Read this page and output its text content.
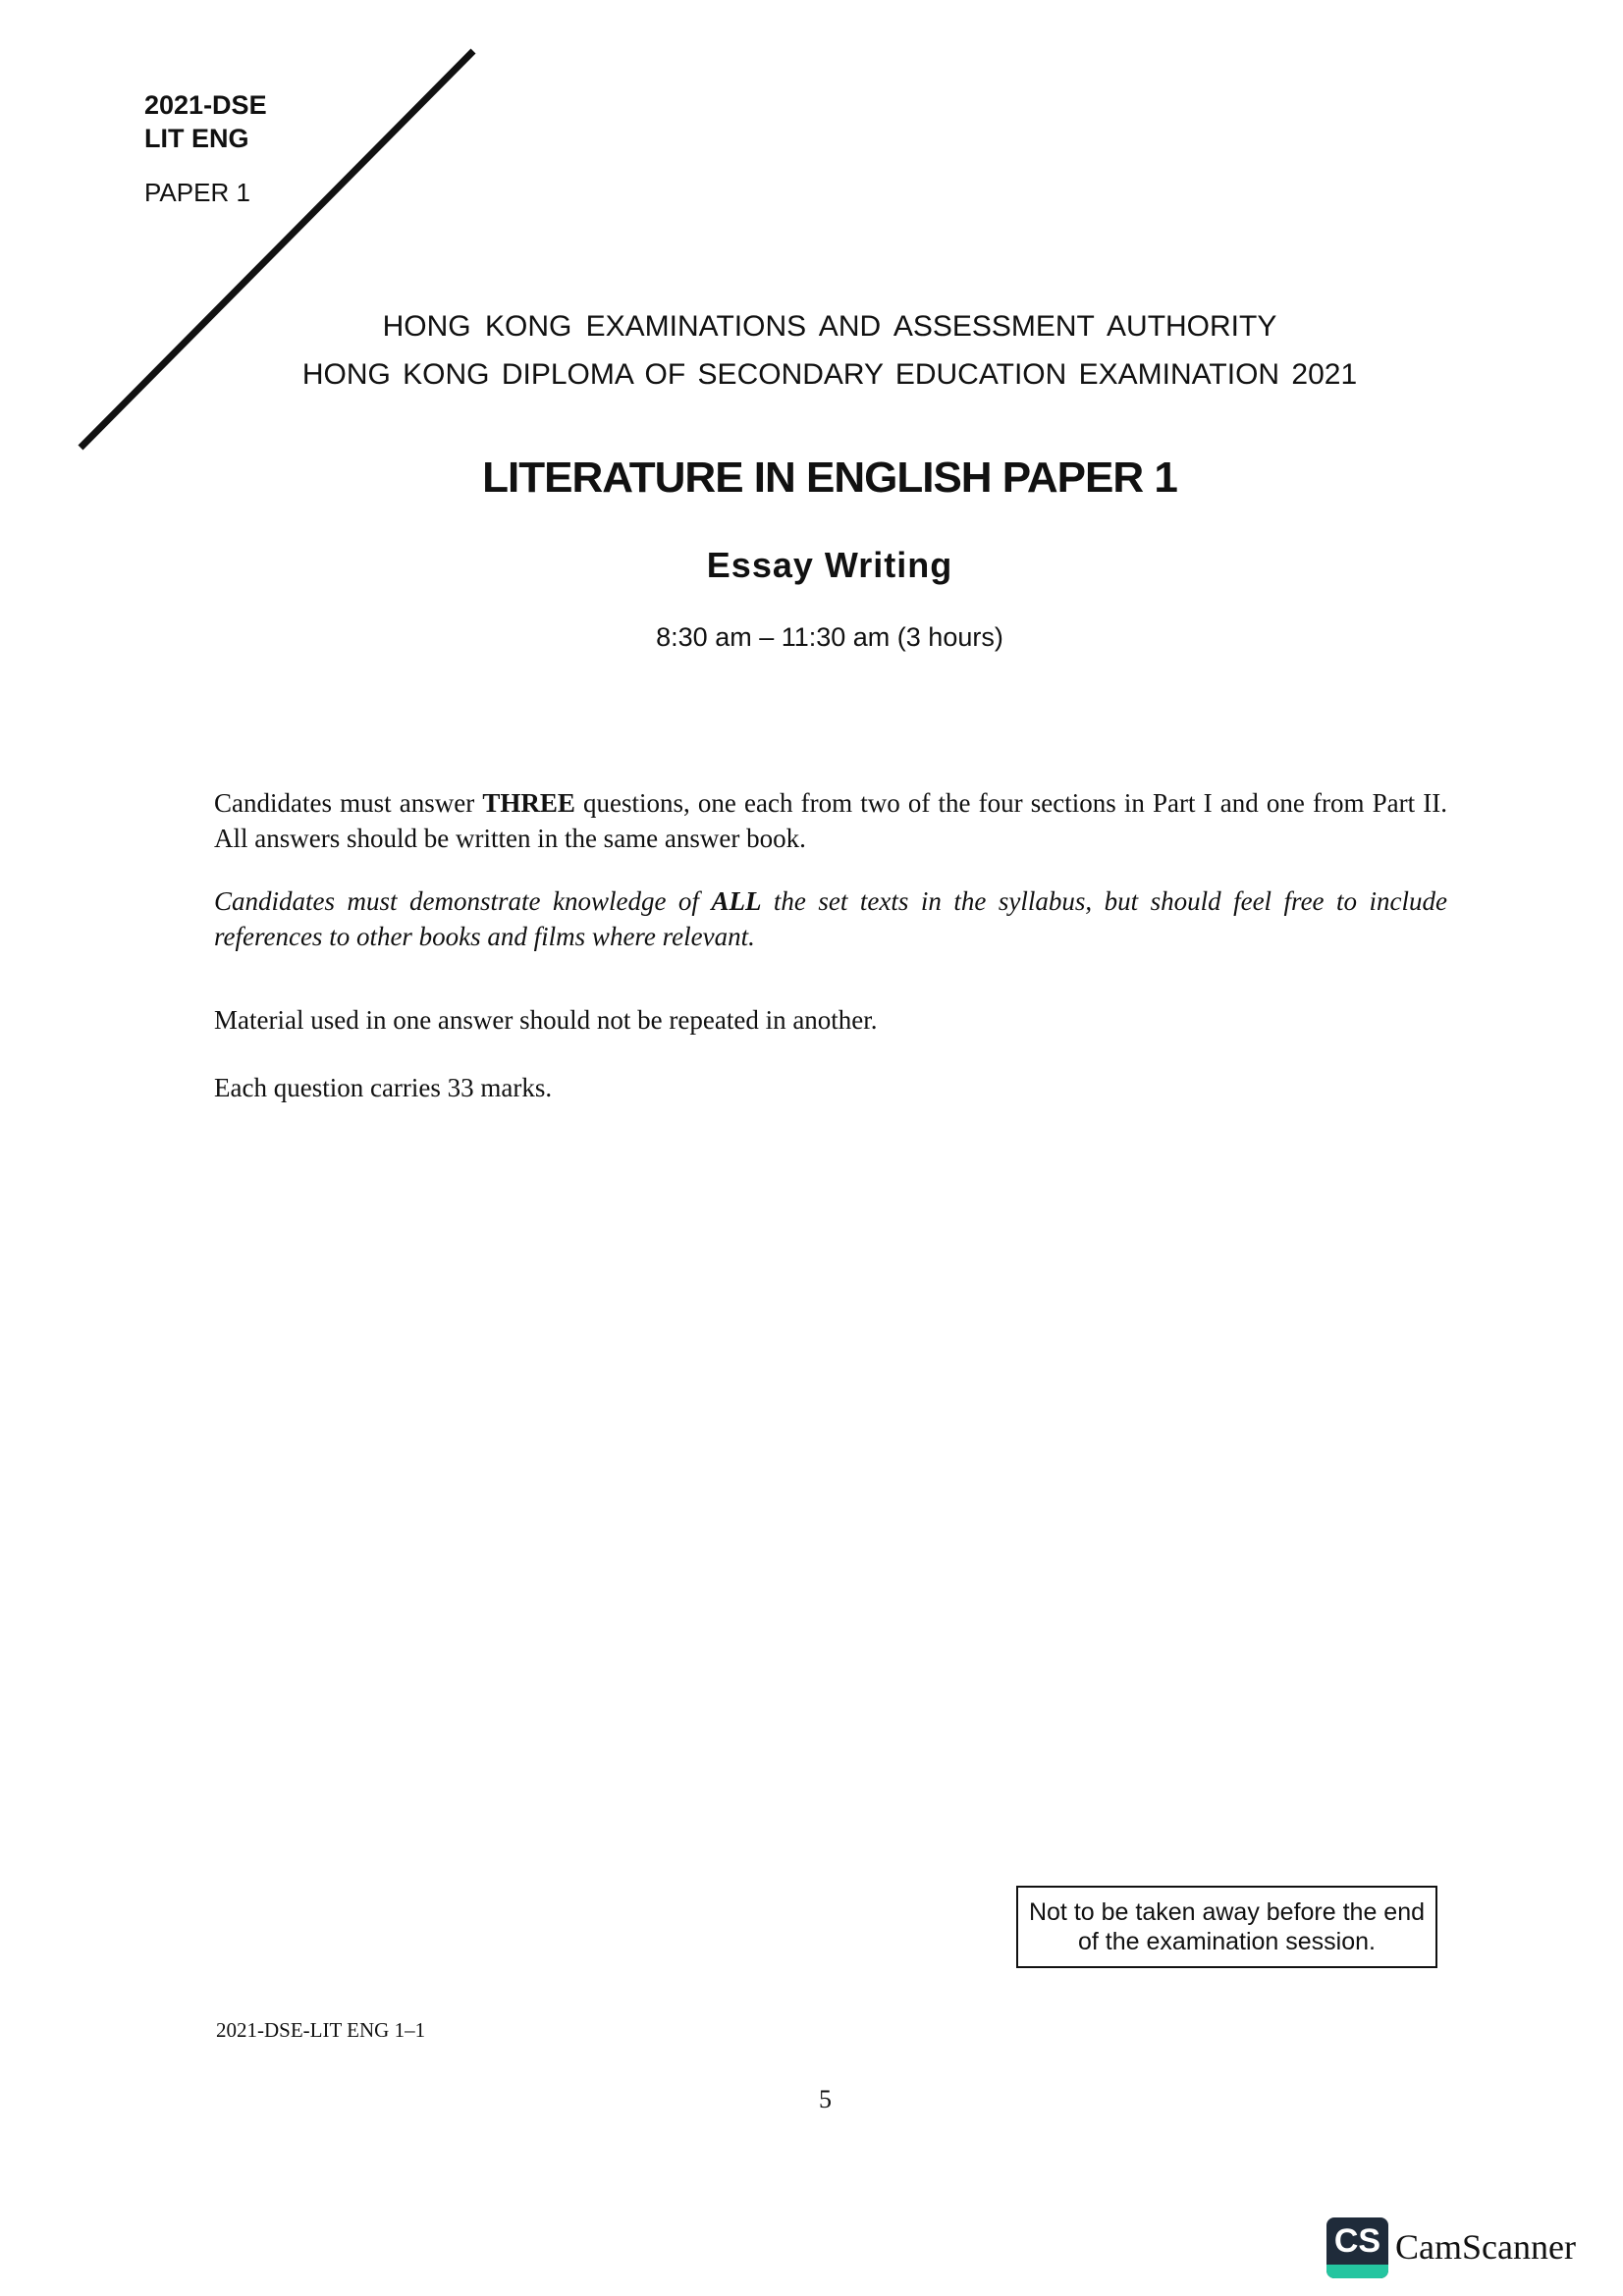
2021-DSE
LIT ENG
PAPER 1
HONG KONG EXAMINATIONS AND ASSESSMENT AUTHORITY
HONG KONG DIPLOMA OF SECONDARY EDUCATION EXAMINATION 2021
LITERATURE IN ENGLISH PAPER 1
Essay Writing
8:30 am – 11:30 am (3 hours)
Candidates must answer THREE questions, one each from two of the four sections in Part I and one from Part II. All answers should be written in the same answer book.
Candidates must demonstrate knowledge of ALL the set texts in the syllabus, but should feel free to include references to other books and films where relevant.
Material used in one answer should not be repeated in another.
Each question carries 33 marks.
Not to be taken away before the end of the examination session.
2021-DSE-LIT ENG 1–1
5
CS CamScanner
